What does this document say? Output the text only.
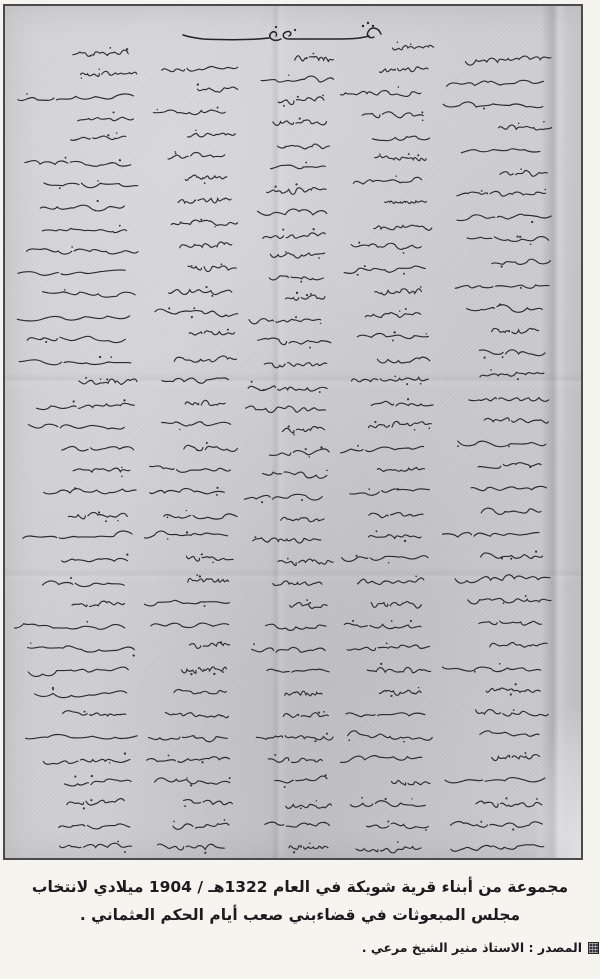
مجموعة من أبناء قرية شويكة في العام 1322هـ / 1904 ميلادي لانتخاب
مجلس المبعوثات في قضاءبني صعب أيام الحكم العثماني .
المصدر : الاستاذ منير الشيخ مرعي .
